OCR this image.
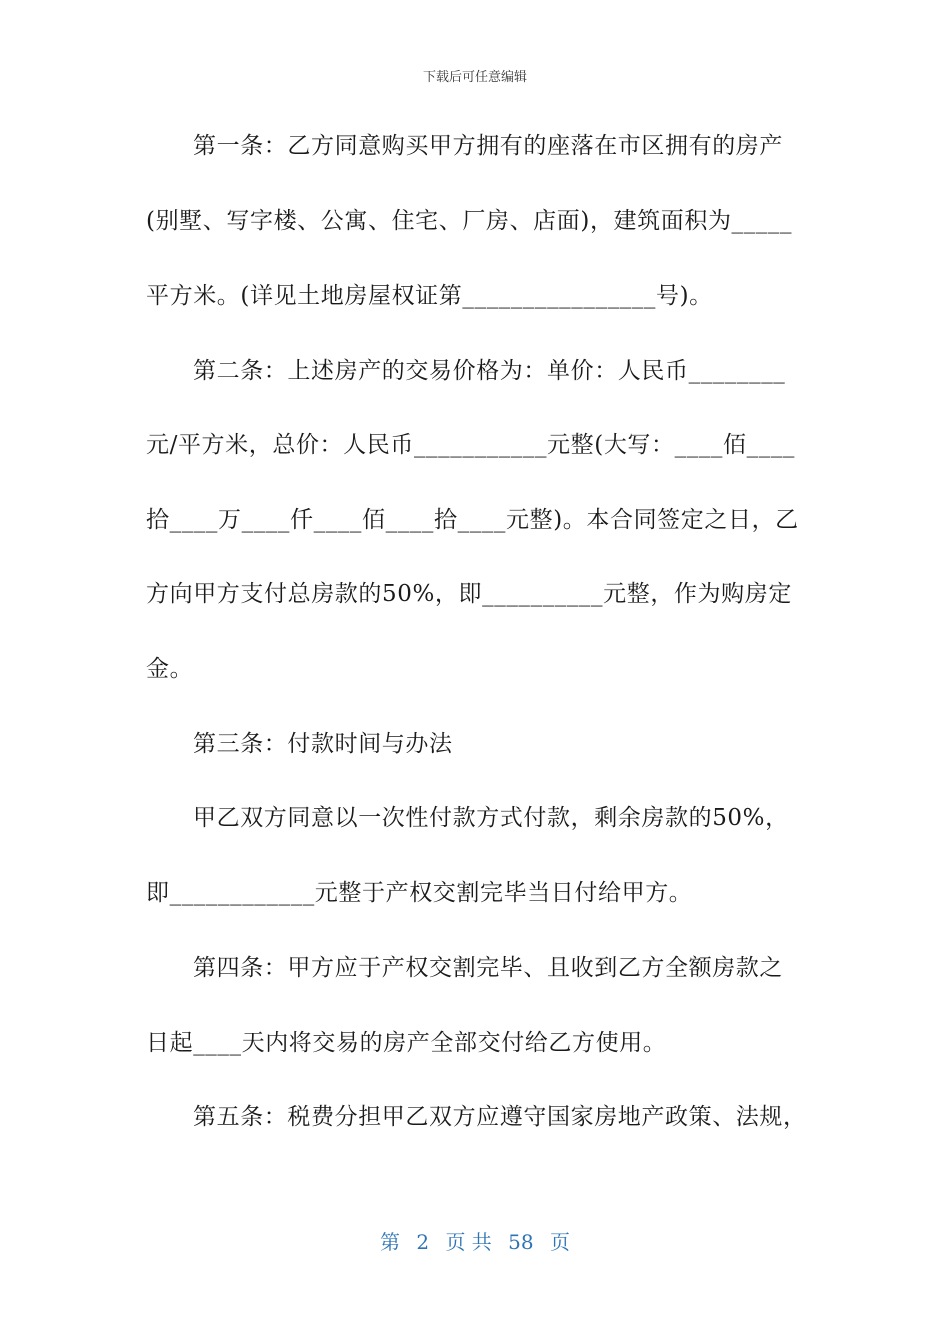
下载后可任意编辑
第一条：乙方同意购买甲方拥有的座落在市区拥有的房产
(别墅、写字楼、公寓、住宅、厂房、店面)，建筑面积为_____
平方米。(详见土地房屋权证第________________号)。
第二条：上述房产的交易价格为：单价：人民币________
元/平方米，总价：人民币___________元整(大写：____佰____
拾____万____仟____佰____拾____元整)。本合同签定之日，乙
方向甲方支付总房款的50%，即__________元整，作为购房定
金。
第三条：付款时间与办法
甲乙双方同意以一次性付款方式付款，剩余房款的50%，
即____________元整于产权交割完毕当日付给甲方。
第四条：甲方应于产权交割完毕、且收到乙方全额房款之
日起____天内将交易的房产全部交付给乙方使用。
第五条：税费分担甲乙双方应遵守国家房地产政策、法规，
第 2 页 共 58 页
